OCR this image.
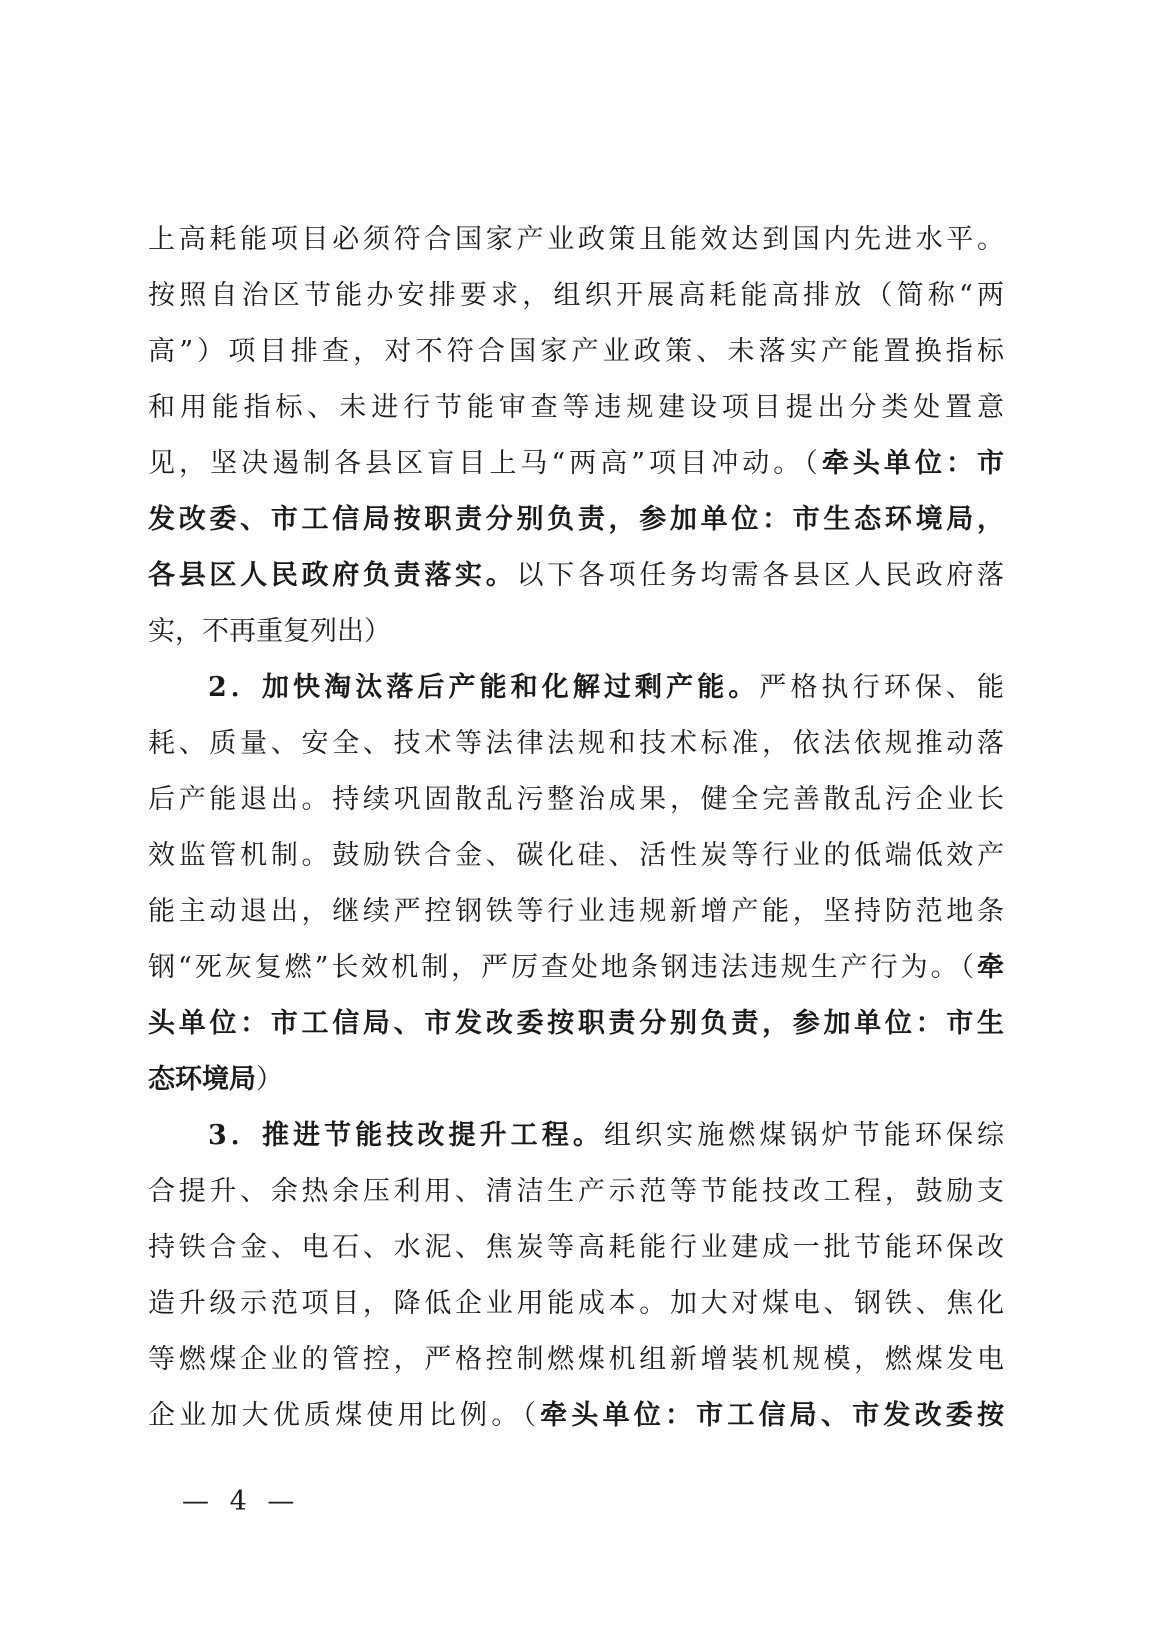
上高耗能项目必须符合国家产业政策且能效达到国内先进水平。
按照自治区节能办安排要求，组织开展高耗能高排放（简称“两
高”）项目排查，对不符合国家产业政策、未落实产能置换指标
和用能指标、未进行节能审查等违规建设项目提出分类处置意
见，坚决遏制各县区盲目上马“两高”项目冲动。（牵头单位：市
发改委、市工信局按职责分别负责，参加单位：市生态环境局，
各县区人民政府负责落实。以下各项任务均需各县区人民政府落
实，不再重复列出）
2．加快淘汰落后产能和化解过剩产能。严格执行环保、能
耗、质量、安全、技术等法律法规和技术标准，依法依规推动落
后产能退出。持续巩固散乱污整治成果，健全完善散乱污企业长
效监管机制。鼓励铁合金、碳化硅、活性炭等行业的低端低效产
能主动退出，继续严控钢铁等行业违规新增产能，坚持防范地条
钢“死灰复燃”长效机制，严厉查处地条钢违法违规生产行为。（牵
头单位：市工信局、市发改委按职责分别负责，参加单位：市生
态环境局）
3．推进节能技改提升工程。组织实施燃煤锅炉节能环保综
合提升、余热余压利用、清洁生产示范等节能技改工程，鼓励支
持铁合金、电石、水泥、焦炭等高耗能行业建成一批节能环保改
造升级示范项目，降低企业用能成本。加大对煤电、钢铁、焦化
等燃煤企业的管控，严格控制燃煤机组新增装机规模，燃煤发电
企业加大优质煤使用比例。（牵头单位：市工信局、市发改委按
— 4 —
